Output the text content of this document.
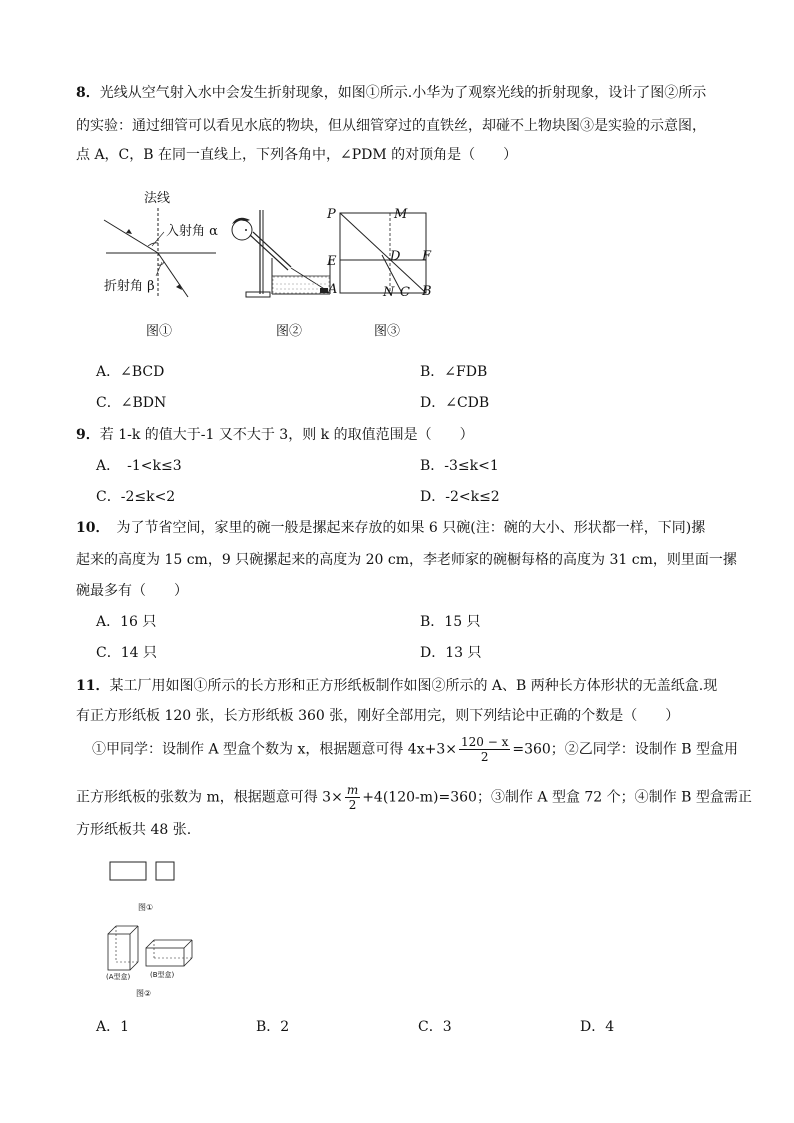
8．光线从空气射入水中会发生折射现象，如图①所示.小华为了观察光线的折射现象，设计了图②所示
的实验：通过细管可以看见水底的物块，但从细管穿过的直铁丝，却碰不上物块图③是实验的示意图，
点 A，C，B 在同一直线上，下列各角中，∠PDM 的对顶角是（　　）
法线
入射角 α
折射角 β
图①
A
图②
P	M
E	D F
N C B
图③
A．∠BCD	B．∠FDB
C．∠BDN	D．∠CDB
9．若 1-k 的值大于-1 又不大于 3，则 k 的取值范围是（　　）
A．　-1<k≤3	B．-3≤k<1
C．-2≤k<2	D．-2<k≤2
10．　为了节省空间，家里的碗一般是摞起来存放的如果 6 只碗(注：碗的大小、形状都一样，下同)摞
起来的高度为 15 cm，9 只碗摞起来的高度为 20 cm，李老师家的碗橱每格的高度为 31 cm，则里面一摞
碗最多有（　　）
A．16 只	B．15 只
C．14 只	D．13 只
11．某工厂用如图①所示的长方形和正方形纸板制作如图②所示的 A、B 两种长方体形状的无盖纸盒.现
有正方形纸板 120 张，长方形纸板 360 张，刚好全部用完，则下列结论中正确的个数是（　　）
①甲同学：设制作 A 型盒个数为 x，根据题意可得 $4x+3\times \frac{120 - x}{2} =360$；②乙同学：设制作 B 型盒用
正方形纸板的张数为 m，根据题意可得 $3\times \frac{m}{2} +4(120-m)=360$；③制作 A 型盒 72 个；④制作 B 型盒需正
方形纸板共 48 张.
图①
(A型盒)	(B型盒)
图②
A．1	B．2	C．3	D．4
